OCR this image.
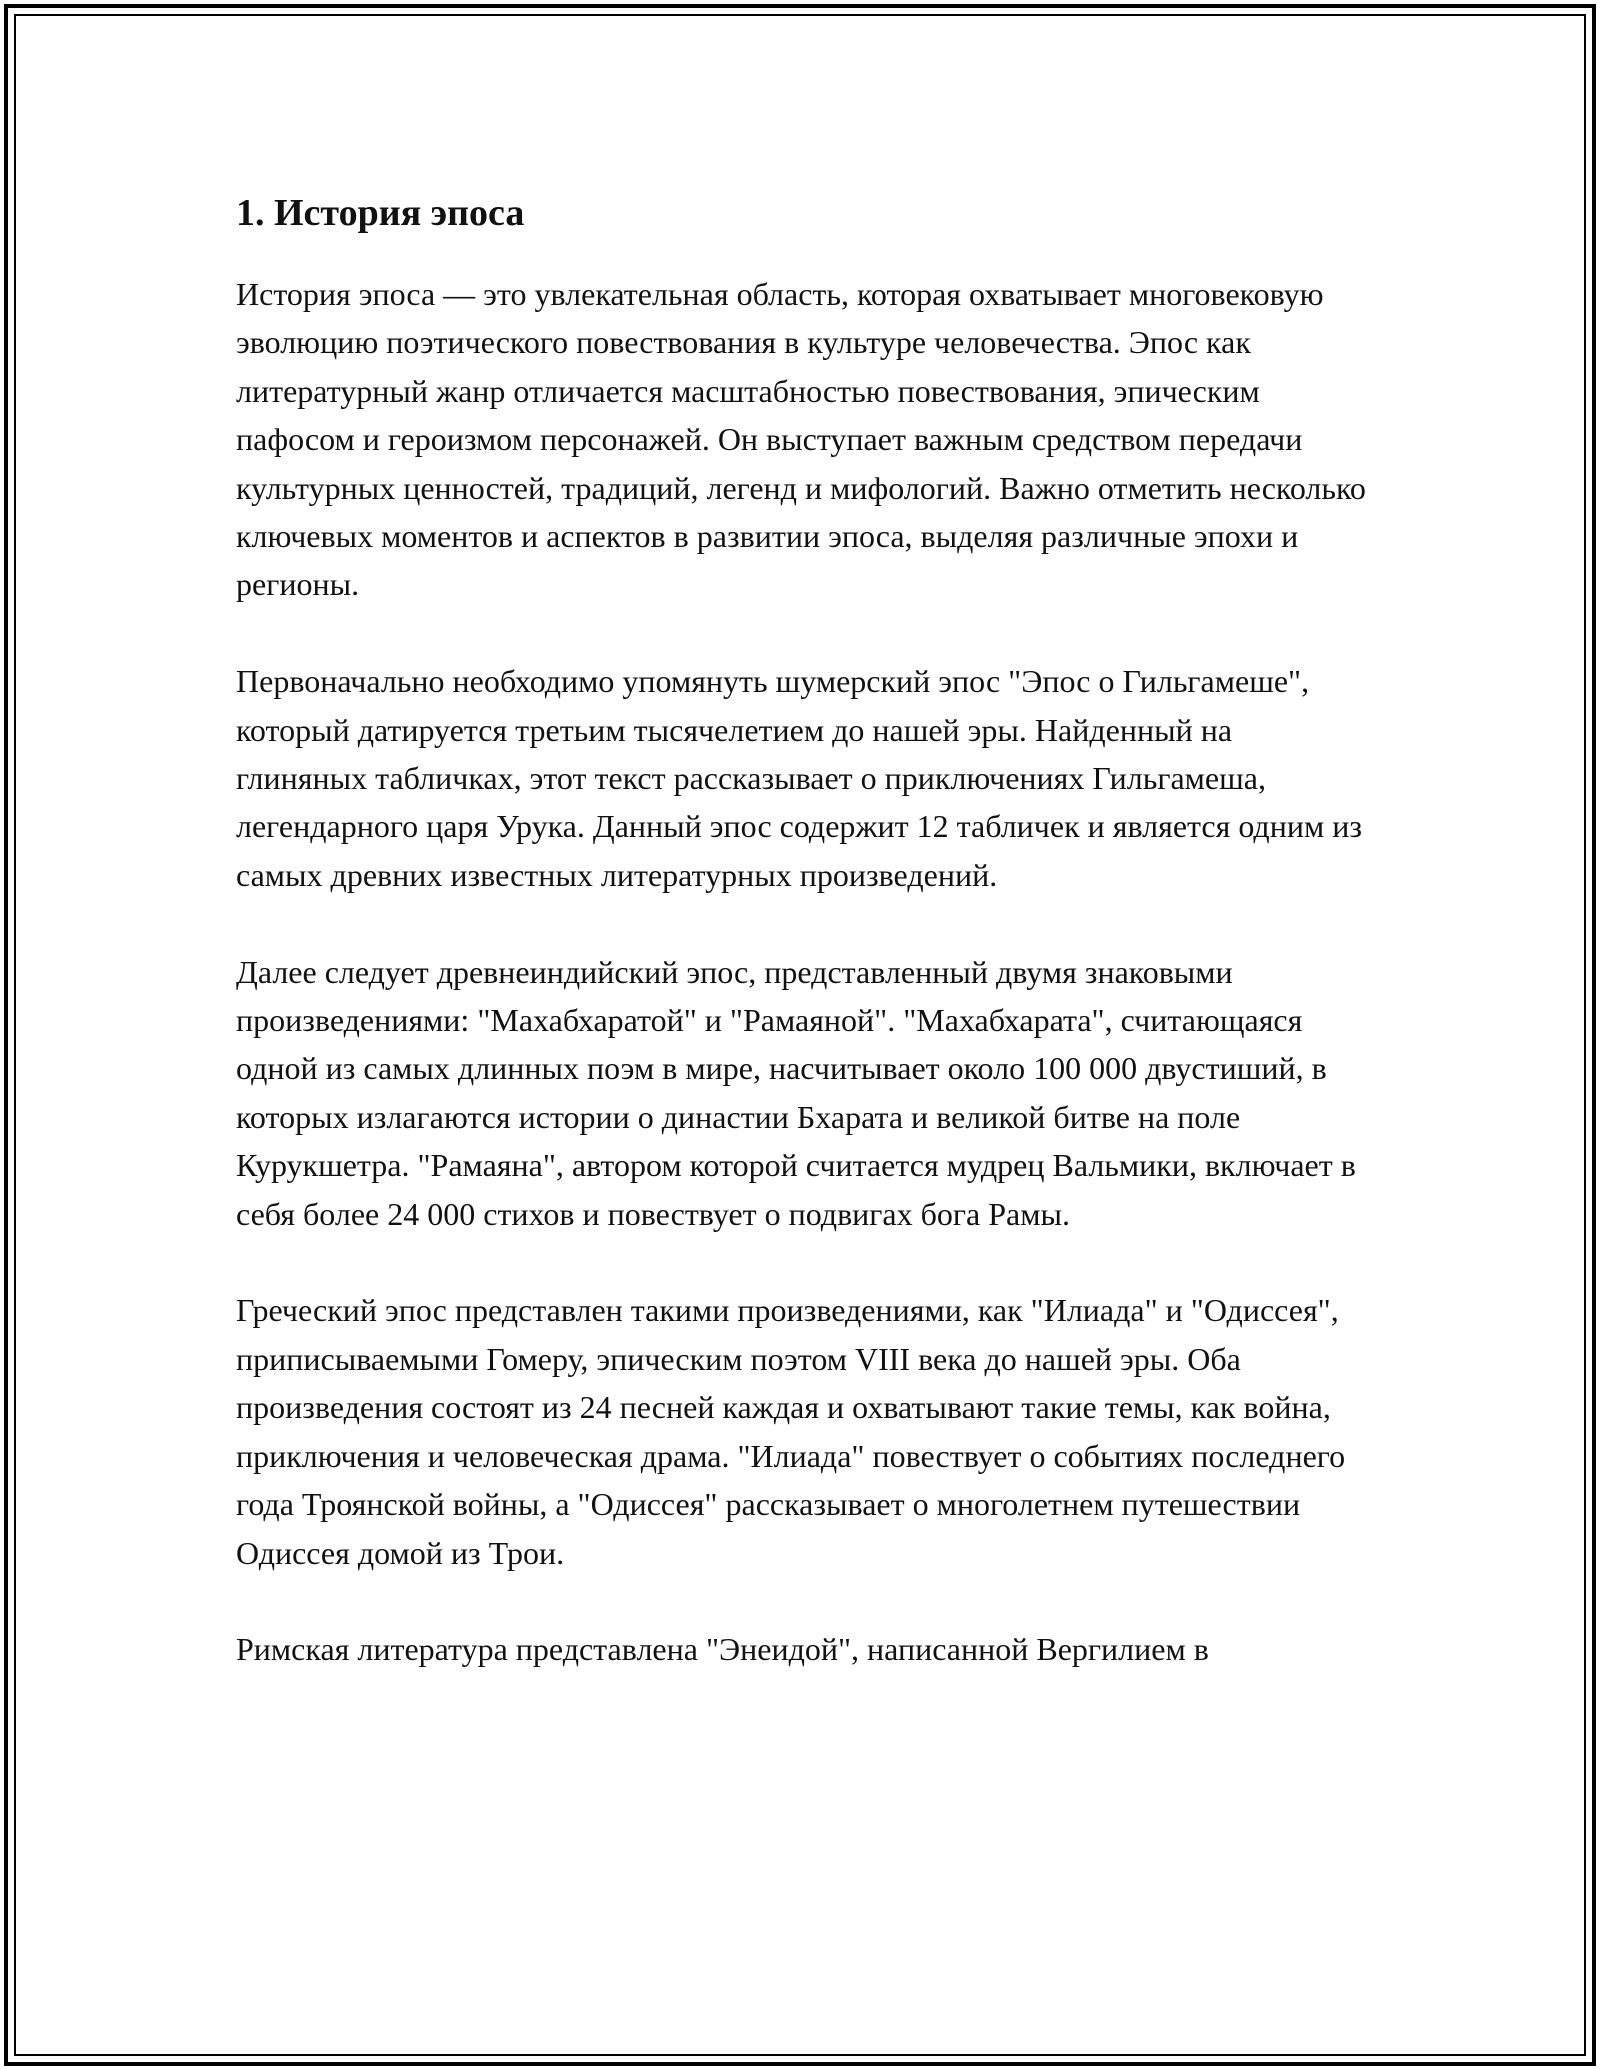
1. История эпоса

История эпоса — это увлекательная область, которая охватывает многовековую эволюцию поэтического повествования в культуре человечества. Эпос как литературный жанр отличается масштабностью повествования, эпическим пафосом и героизмом персонажей. Он выступает важным средством передачи культурных ценностей, традиций, легенд и мифологий. Важно отметить несколько ключевых моментов и аспектов в развитии эпоса, выделяя различные эпохи и регионы.

Первоначально необходимо упомянуть шумерский эпос "Эпос о Гильгамеше", который датируется третьим тысячелетием до нашей эры. Найденный на глиняных табличках, этот текст рассказывает о приключениях Гильгамеша, легендарного царя Урука. Данный эпос содержит 12 табличек и является одним из самых древних известных литературных произведений.

Далее следует древнеиндийский эпос, представленный двумя знаковыми произведениями: "Махабхаратой" и "Рамаяной". "Махабхарата", считающаяся одной из самых длинных поэм в мире, насчитывает около 100 000 двустиший, в которых излагаются истории о династии Бхарата и великой битве на поле Курукшетра. "Рамаяна", автором которой считается мудрец Вальмики, включает в себя более 24 000 стихов и повествует о подвигах бога Рамы.

Греческий эпос представлен такими произведениями, как "Илиада" и "Одиссея", приписываемыми Гомеру, эпическим поэтом VIII века до нашей эры. Оба произведения состоят из 24 песней каждая и охватывают такие темы, как война, приключения и человеческая драма. "Илиада" повествует о событиях последнего года Троянской войны, а "Одиссея" рассказывает о многолетнем путешествии Одиссея домой из Трои.

Римская литература представлена "Энеидой", написанной Вергилием в
